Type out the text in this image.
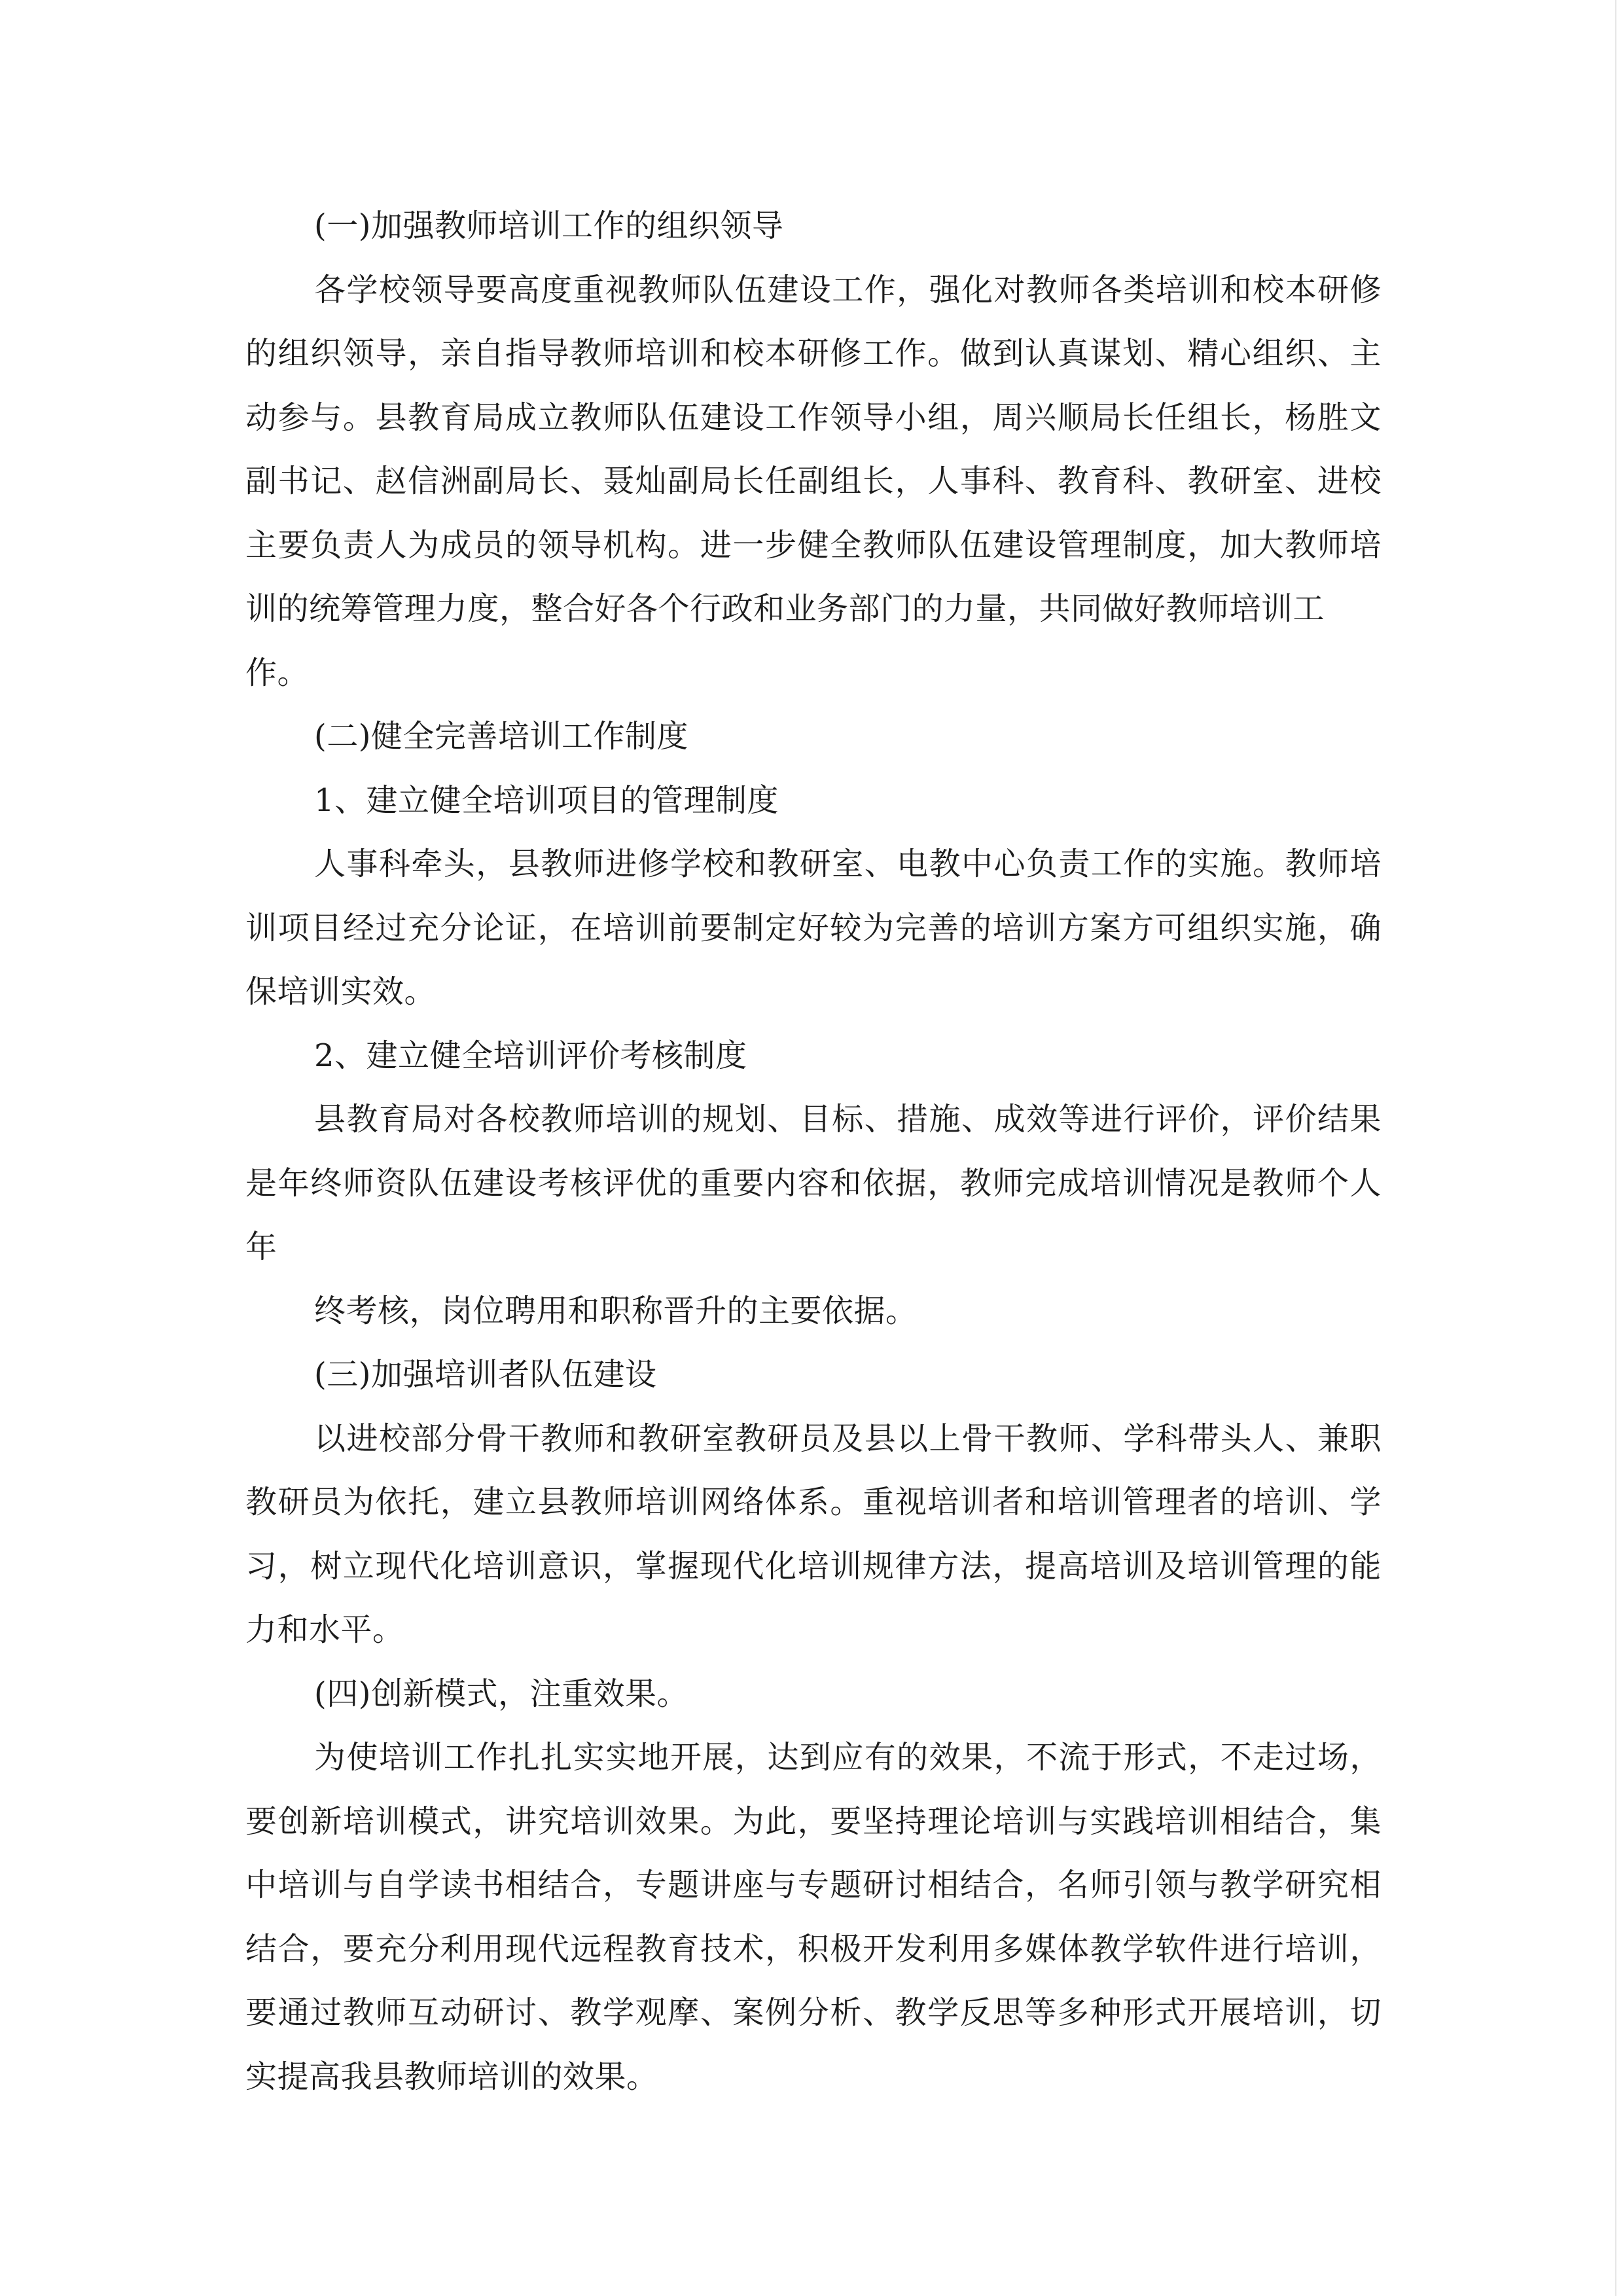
(一)加强教师培训工作的组织领导
各学校领导要高度重视教师队伍建设工作，强化对教师各类培训和校本研修
的组织领导，亲自指导教师培训和校本研修工作。做到认真谋划、精心组织、主
动参与。县教育局成立教师队伍建设工作领导小组，周兴顺局长任组长，杨胜文
副书记、赵信洲副局长、聂灿副局长任副组长，人事科、教育科、教研室、进校
主要负责人为成员的领导机构。进一步健全教师队伍建设管理制度，加大教师培
训的统筹管理力度，整合好各个行政和业务部门的力量，共同做好教师培训工作。
(二)健全完善培训工作制度
1、建立健全培训项目的管理制度
人事科牵头，县教师进修学校和教研室、电教中心负责工作的实施。教师培
训项目经过充分论证，在培训前要制定好较为完善的培训方案方可组织实施，确
保培训实效。
2、建立健全培训评价考核制度
县教育局对各校教师培训的规划、目标、措施、成效等进行评价，评价结果
是年终师资队伍建设考核评优的重要内容和依据，教师完成培训情况是教师个人
年
终考核，岗位聘用和职称晋升的主要依据。
(三)加强培训者队伍建设
以进校部分骨干教师和教研室教研员及县以上骨干教师、学科带头人、兼职
教研员为依托，建立县教师培训网络体系。重视培训者和培训管理者的培训、学
习，树立现代化培训意识，掌握现代化培训规律方法，提高培训及培训管理的能
力和水平。
(四)创新模式，注重效果。
为使培训工作扎扎实实地开展，达到应有的效果，不流于形式，不走过场，
要创新培训模式，讲究培训效果。为此，要坚持理论培训与实践培训相结合，集
中培训与自学读书相结合，专题讲座与专题研讨相结合，名师引领与教学研究相
结合，要充分利用现代远程教育技术，积极开发利用多媒体教学软件进行培训，
要通过教师互动研讨、教学观摩、案例分析、教学反思等多种形式开展培训，切
实提高我县教师培训的效果。
